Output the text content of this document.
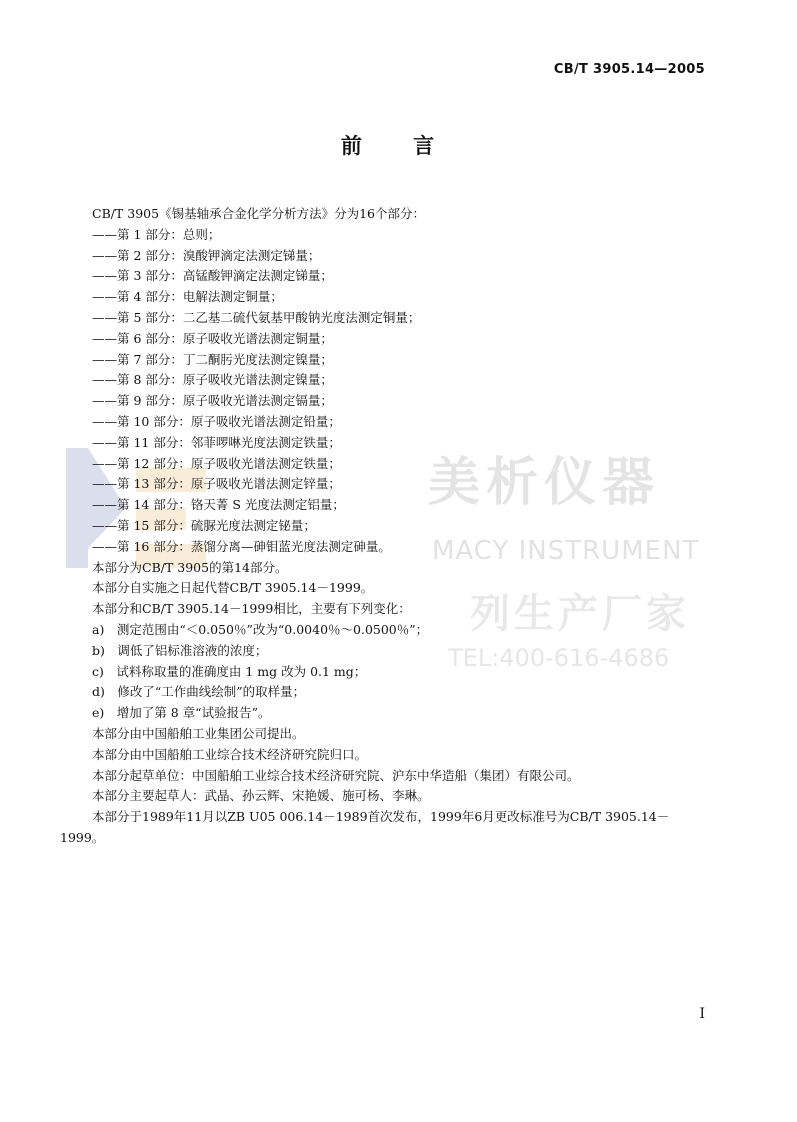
CB/T 3905.14—2005
前 言
美析仪器
MACY INSTRUMENT
列生产厂家
TEL:400-616-4686
CB/T 3905《锡基轴承合金化学分析方法》分为16个部分：
——第 1 部分：总则；
——第 2 部分：溴酸钾滴定法测定锑量；
——第 3 部分：高锰酸钾滴定法测定锑量；
——第 4 部分：电解法测定铜量；
——第 5 部分：二乙基二硫代氨基甲酸钠光度法测定铜量；
——第 6 部分：原子吸收光谱法测定铜量；
——第 7 部分：丁二酮肟光度法测定镍量；
——第 8 部分：原子吸收光谱法测定镍量；
——第 9 部分：原子吸收光谱法测定镉量；
——第 10 部分：原子吸收光谱法测定铅量；
——第 11 部分：邻菲啰啉光度法测定铁量；
——第 12 部分：原子吸收光谱法测定铁量；
——第 13 部分：原子吸收光谱法测定锌量；
——第 14 部分：铬天菁 S 光度法测定铝量；
——第 15 部分：硫脲光度法测定铋量；
——第 16 部分：蒸馏分离—砷钼蓝光度法测定砷量。
本部分为CB/T 3905的第14部分。
本部分自实施之日起代替CB/T 3905.14－1999。
本部分和CB/T 3905.14－1999相比，主要有下列变化：
a)　测定范围由“＜0.050％”改为“0.0040％～0.0500％”；
b)　调低了铝标准溶液的浓度；
c)　试料称取量的准确度由 1 mg 改为 0.1 mg；
d)　修改了“工作曲线绘制”的取样量；
e)　增加了第 8 章“试验报告”。
本部分由中国船舶工业集团公司提出。
本部分由中国船舶工业综合技术经济研究院归口。
本部分起草单位：中国船舶工业综合技术经济研究院、沪东中华造船（集团）有限公司。
本部分主要起草人：武晶、孙云辉、宋艳媛、施可杨、李琳。
本部分于1989年11月以ZB U05 006.14－1989首次发布，1999年6月更改标准号为CB/T 3905.14－
1999。
I
